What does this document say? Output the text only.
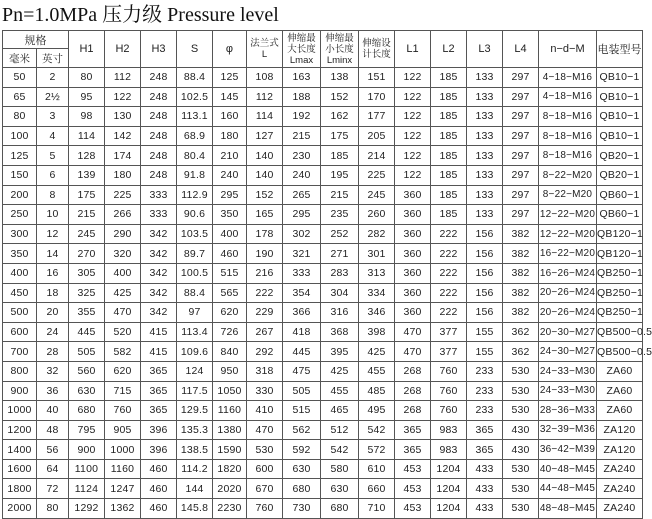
Pn=1.0MPa 压力级 Pressure level
规格		H1	H2	H3	S	φ	法兰式 L	伸缩最大长度 Lmax	伸缩最小长度 Lminx	伸缩设计长度	L1	L2	L3	L4	n−d−M	电装型号
毫米	英寸															
50	2	80	112	248	88.4	125	108	163	138	151	122	185	133	297	4−18−M16	QB10−1
65	2½	95	122	248	102.5	145	112	188	152	170	122	185	133	297	4−18−M16	QB10−1
80	3	98	130	248	113.1	160	114	192	162	177	122	185	133	297	8−18−M16	QB10−1
100	4	114	142	248	68.9	180	127	215	175	205	122	185	133	297	8−18−M16	QB10−1
125	5	128	174	248	80.4	210	140	230	185	214	122	185	133	297	8−18−M16	QB20−1
150	6	139	180	248	91.8	240	140	240	195	225	122	185	133	297	8−22−M20	QB20−1
200	8	175	225	333	112.9	295	152	265	215	245	360	185	133	297	8−22−M20	QB60−1
250	10	215	266	333	90.6	350	165	295	235	260	360	185	133	297	12−22−M20	QB60−1
300	12	245	290	342	103.5	400	178	302	252	282	360	222	156	382	12−22−M20	QB120−1
350	14	270	320	342	89.7	460	190	321	271	301	360	222	156	382	16−22−M20	QB120−1
400	16	305	400	342	100.5	515	216	333	283	313	360	222	156	382	16−26−M24	QB250−1
450	18	325	425	342	88.4	565	222	354	304	334	360	222	156	382	20−26−M24	QB250−1
500	20	355	470	342	97	620	229	366	316	346	360	222	156	382	20−26−M24	QB250−1
600	24	445	520	415	113.4	726	267	418	368	398	470	377	155	362	20−30−M27	QB500−0.5
700	28	505	582	415	109.6	840	292	445	395	425	470	377	155	362	24−30−M27	QB500−0.5
800	32	560	620	365	124	950	318	475	425	455	268	760	233	530	24−33−M30	ZA60
900	36	630	715	365	117.5	1050	330	505	455	485	268	760	233	530	24−33−M30	ZA60
1000	40	680	760	365	129.5	1160	410	515	465	495	268	760	233	530	28−36−M33	ZA60
1200	48	795	905	396	135.3	1380	470	562	512	542	365	983	365	430	32−39−M36	ZA120
1400	56	900	1000	396	138.5	1590	530	592	542	572	365	983	365	430	36−42−M39	ZA120
1600	64	1100	1160	460	114.2	1820	600	630	580	610	453	1204	433	530	40−48−M45	ZA240
1800	72	1124	1247	460	144	2020	670	680	630	660	453	1204	433	530	44−48−M45	ZA240
2000	80	1292	1362	460	145.8	2230	760	730	680	710	453	1204	433	530	48−48−M45	ZA240
